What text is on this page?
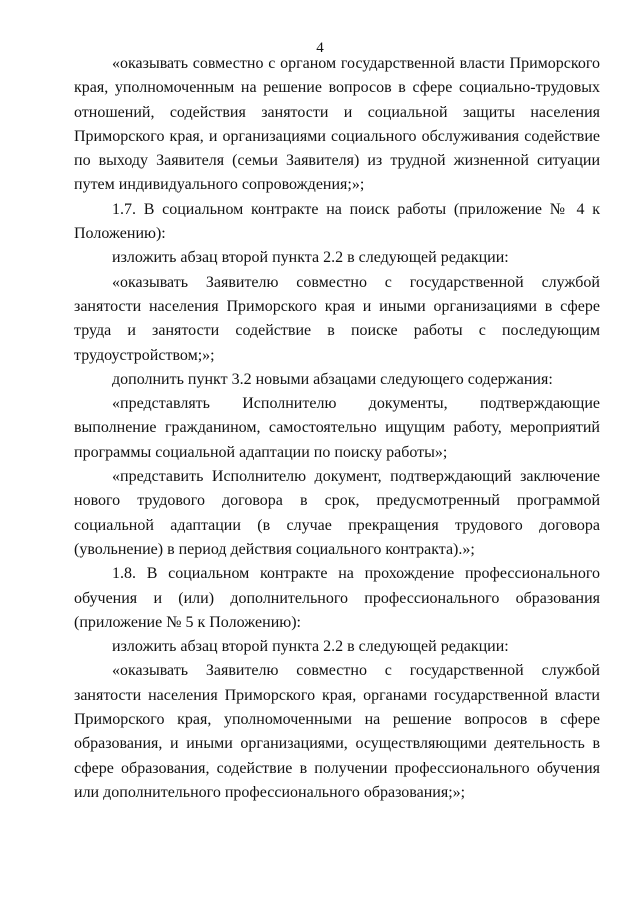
4

«оказывать совместно с органом государственной власти Приморского края, уполномоченным на решение вопросов в сфере социально-трудовых отношений, содействия занятости и социальной защиты населения Приморского края, и организациями социального обслуживания содействие по выходу Заявителя (семьи Заявителя) из трудной жизненной ситуации путем индивидуального сопровождения;»;

1.7. В социальном контракте на поиск работы (приложение № 4 к Положению):

изложить абзац второй пункта 2.2 в следующей редакции:

«оказывать Заявителю совместно с государственной службой занятости населения Приморского края и иными организациями в сфере труда и занятости содействие в поиске работы с последующим трудоустройством;»;

дополнить пункт 3.2 новыми абзацами следующего содержания:

«представлять Исполнителю документы, подтверждающие выполнение гражданином, самостоятельно ищущим работу, мероприятий программы социальной адаптации по поиску работы»;

«представить Исполнителю документ, подтверждающий заключение нового трудового договора в срок, предусмотренный программой социальной адаптации (в случае прекращения трудового договора (увольнение) в период действия социального контракта).»;

1.8. В социальном контракте на прохождение профессионального обучения и (или) дополнительного профессионального образования (приложение № 5 к Положению):

изложить абзац второй пункта 2.2 в следующей редакции:

«оказывать Заявителю совместно с государственной службой занятости населения Приморского края, органами государственной власти Приморского края, уполномоченными на решение вопросов в сфере образования, и иными организациями, осуществляющими деятельность в сфере образования, содействие в получении профессионального обучения или дополнительного профессионального образования;»;
